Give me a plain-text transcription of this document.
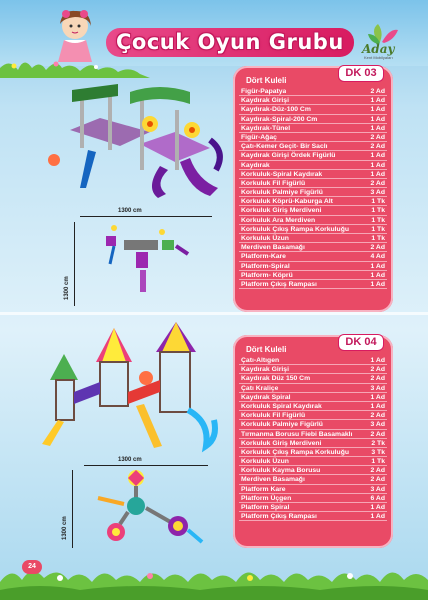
Çocuk Oyun Grubu	Aday
Kent Mobilyaları
1300 cm
1300 cm
Dört Kuleli
DK 03
Figür-Papatya	2 Ad
Kaydırak Girişi	1 Ad
Kaydırak-Düz-100 Cm	1 Ad
Kaydırak-Spiral-200 Cm	1 Ad
Kaydırak-Tünel	1 Ad
Figür-Ağaç	2 Ad
Çatı-Kemer Geçit- Bir Saclı	2 Ad
Kaydırak Girişi Ördek Figürlü	1 Ad
Kaydırak	1 Ad
Korkuluk-Spiral Kaydırak	1 Ad
Korkuluk Fil Figürlü	2 Ad
Korkuluk Palmiye Figürlü	3 Ad
Korkuluk Köprü-Kaburga Alt	1 Tk
Korkuluk Giriş Merdiveni	1 Tk
Korkuluk Ara Merdiven	1 Tk
Korkuluk Çıkış Rampa Korkuluğu	1 Tk
Korkuluk Üzun	1 Tk
Merdiven Basamağı	2 Ad
Platform-Kare	4 Ad
Platform-Spiral	1 Ad
Platform- Köprü	1 Ad
Platform Çıkış Rampası	1 Ad
1300 cm
1300 cm
Dört Kuleli
DK 04
Çatı-Altıgen	1 Ad
Kaydırak Girişi	2 Ad
Kaydırak Düz 150 Cm	2 Ad
Çatı Kraliçe	3 Ad
Kaydırak Spiral	1 Ad
Korkuluk Spiral Kaydırak	1 Ad
Korkuluk Fil Figürlü	2 Ad
Korkuluk Palmiye Figürlü	3 Ad
Tırmanma Borusu Fiebi Basamaklı	2 Ad
Korkuluk Giriş Merdiveni	2 Tk
Korkuluk Çıkış Rampa Korkuluğu	3 Tk
Korkuluk Üzun	1 Tk
Korkuluk Kayma Borusu	2 Ad
Merdiven Basamağı	2 Ad
Platform Kare	3 Ad
Platform Üçgen	6 Ad
Platform Spiral	1 Ad
Platform Çıkış Rampası	1 Ad
24
